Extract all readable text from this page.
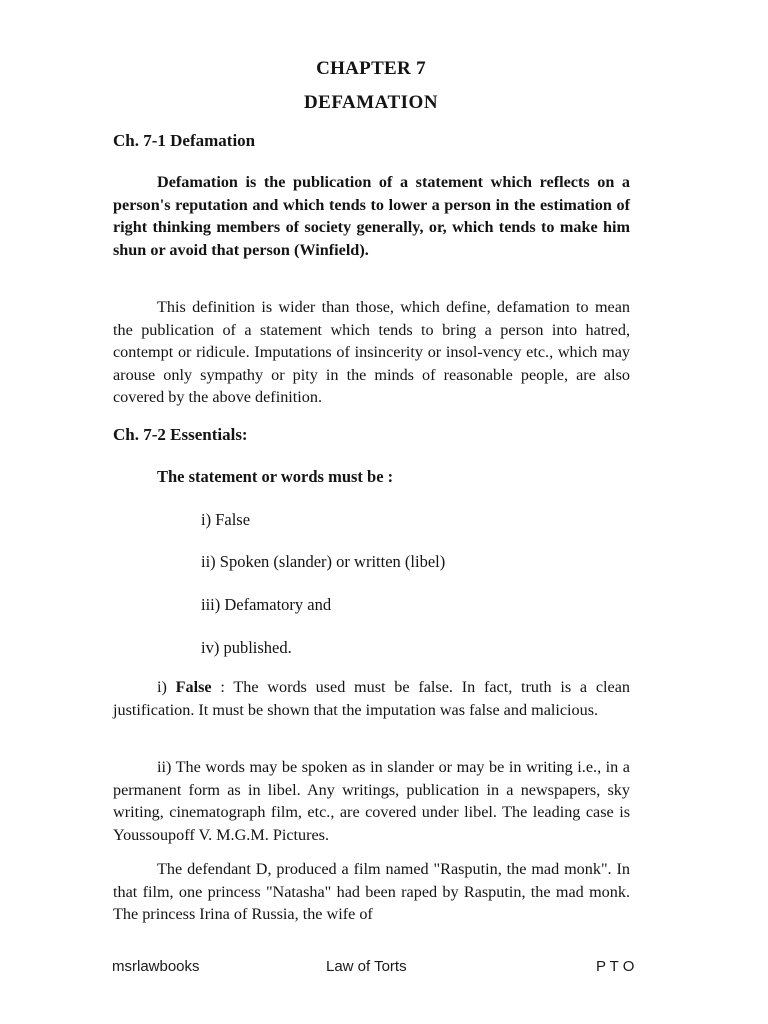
CHAPTER 7
DEFAMATION
Ch. 7-1 Defamation

Defamation is the publication of a statement which reflects on a person's reputation and which tends to lower a person in the estimation of right thinking members of society generally, or, which tends to make him shun or avoid that person (Winfield).

This definition is wider than those, which define, defamation to mean the publication of a statement which tends to bring a person into hatred, contempt or ridicule. Imputations of insincerity or insol-vency etc., which may arouse only sympathy or pity in the minds of reasonable people, are also covered by the above definition.

Ch. 7-2 Essentials:
The statement or words must be :
i) False
ii) Spoken (slander) or written (libel)
iii) Defamatory and
iv) published.

i) False : The words used must be false. In fact, truth is a clean justification. It must be shown that the imputation was false and malicious.

ii) The words may be spoken as in slander or may be in writing i.e., in a permanent form as in libel. Any writings, publication in a newspapers, sky writing, cinematograph film, etc., are covered under libel. The leading case is Youssoupoff V. M.G.M. Pictures.

The defendant D, produced a film named "Rasputin, the mad monk". In that film, one princess "Natasha" had been raped by Rasputin, the mad monk. The princess Irina of Russia, the wife of

msrlawbooks	Law of Torts	P T O
